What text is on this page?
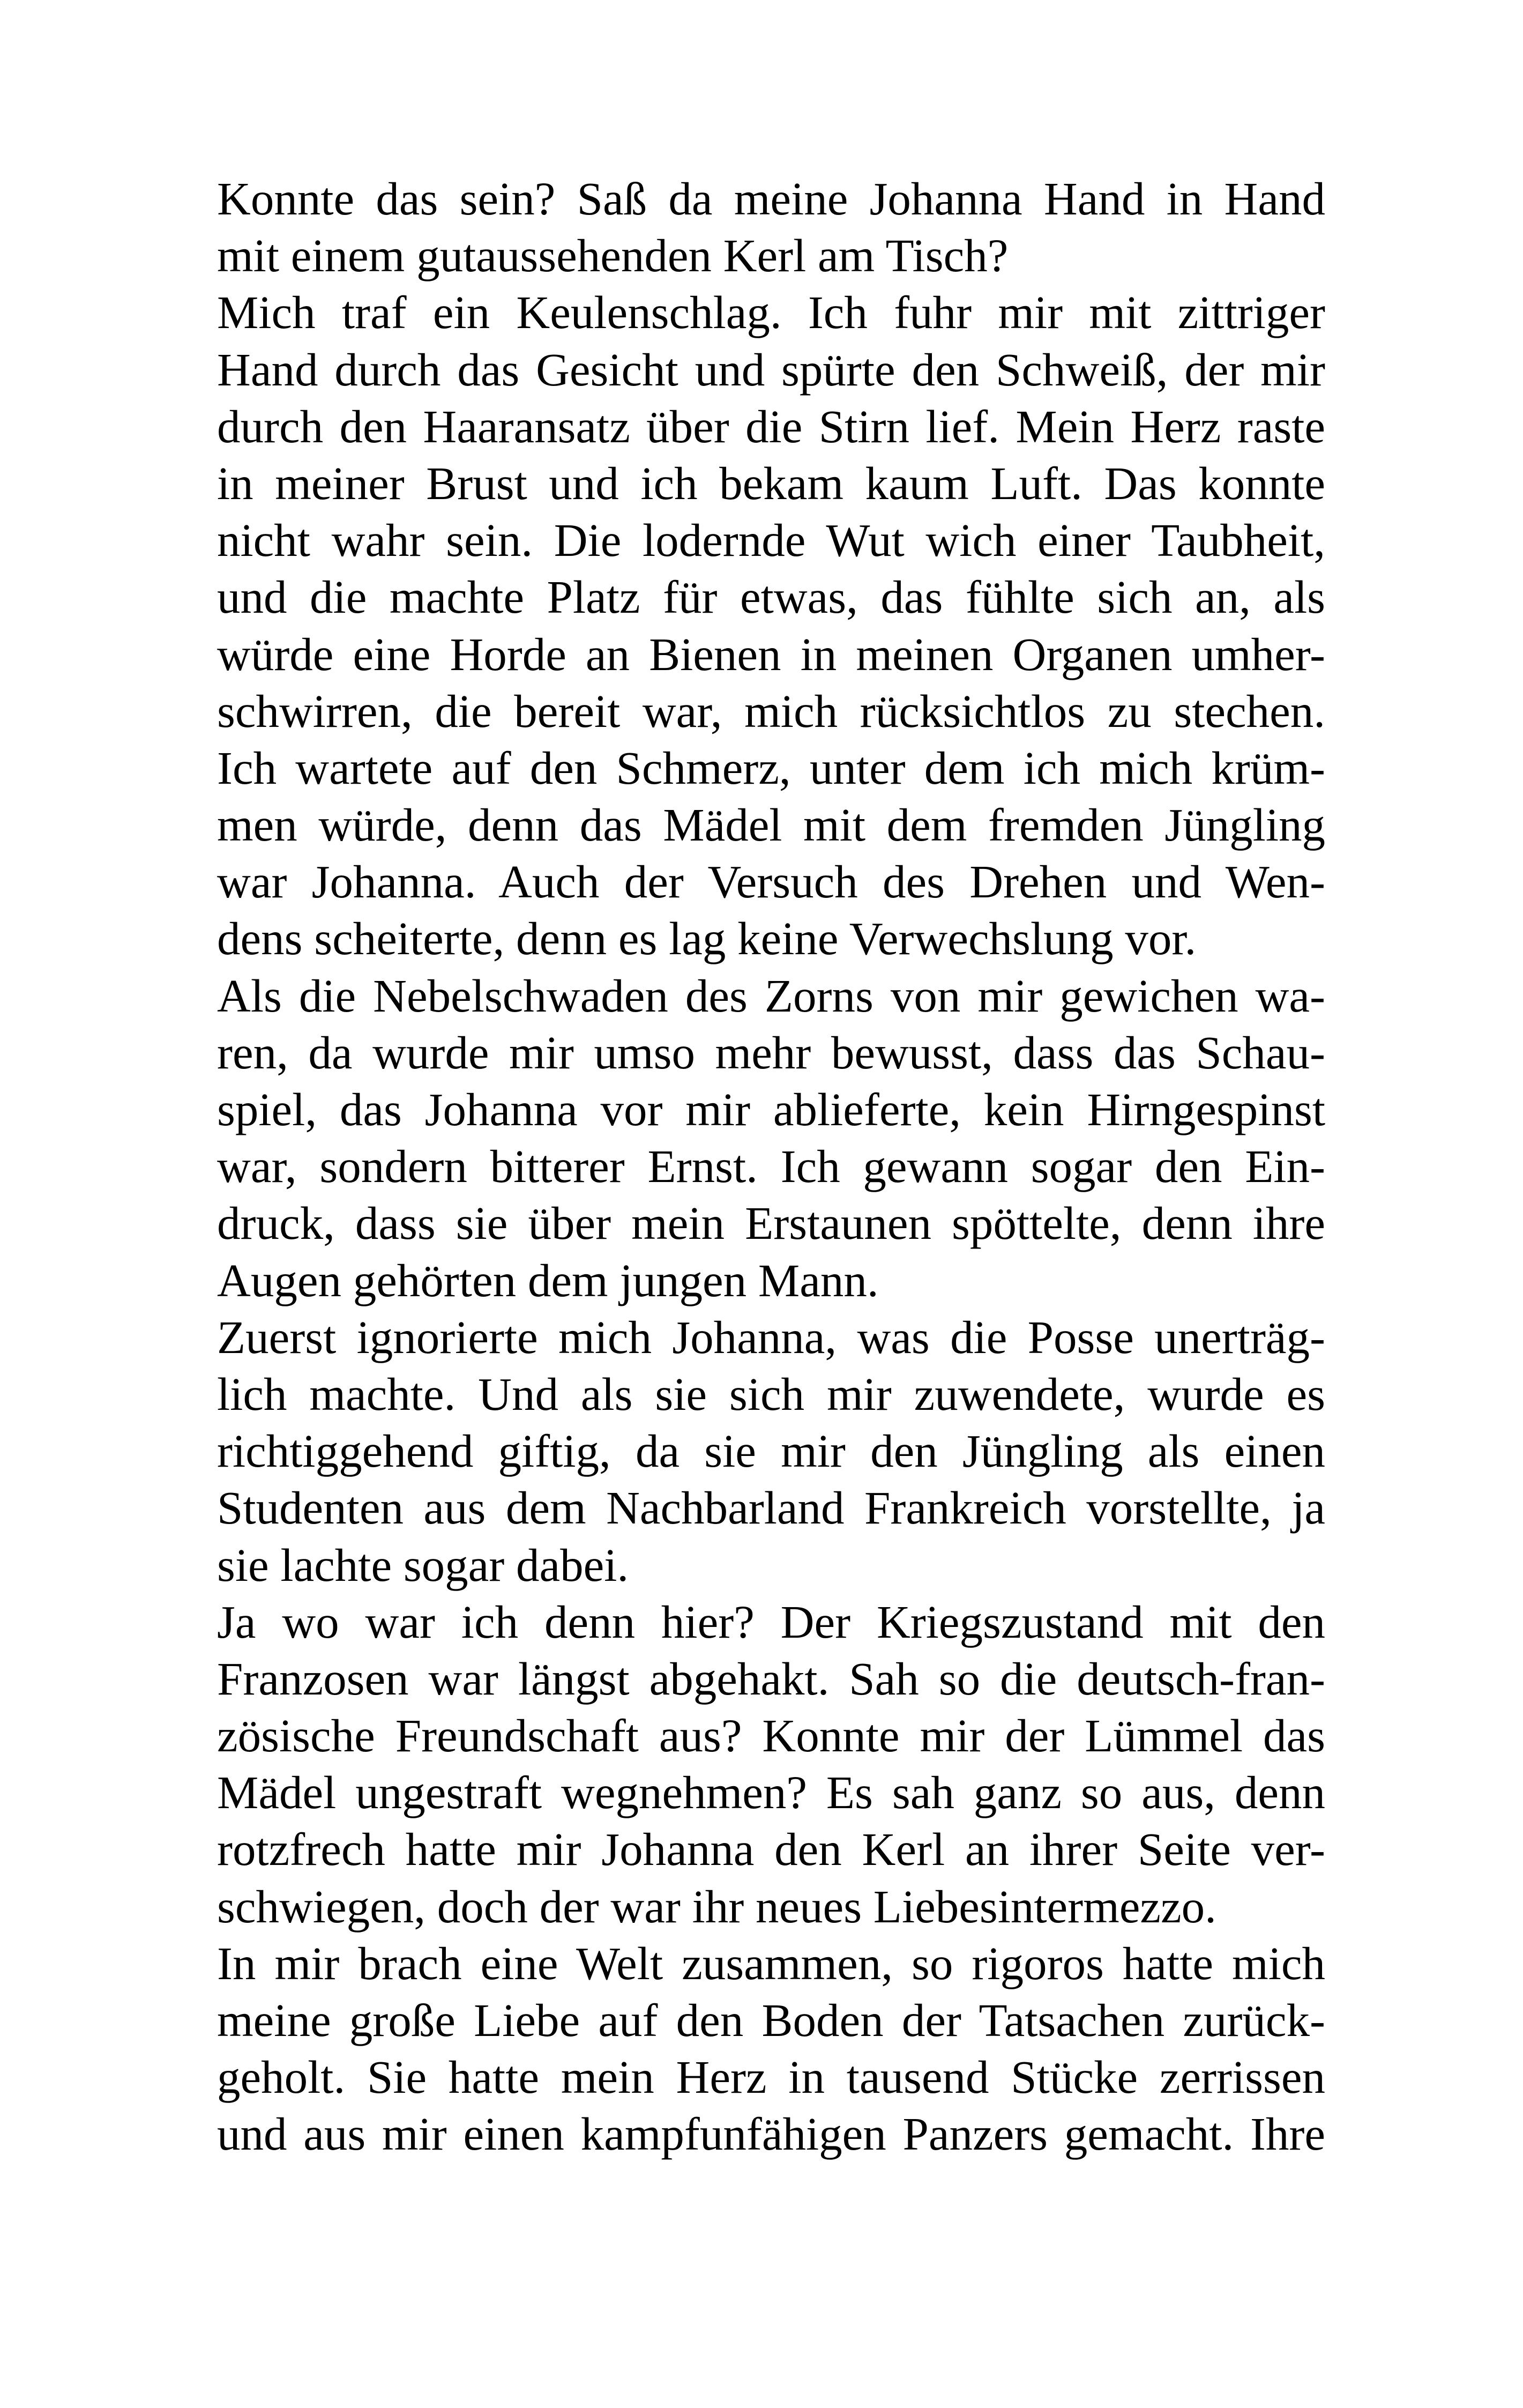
Konnte das sein? Saß da meine Johanna Hand in Hand
mit einem gutaussehenden Kerl am Tisch?
Mich traf ein Keulenschlag. Ich fuhr mir mit zittriger
Hand durch das Gesicht und spürte den Schweiß, der mir
durch den Haaransatz über die Stirn lief. Mein Herz raste
in meiner Brust und ich bekam kaum Luft. Das konnte
nicht wahr sein. Die lodernde Wut wich einer Taubheit,
und die machte Platz für etwas, das fühlte sich an, als
würde eine Horde an Bienen in meinen Organen umher-
schwirren, die bereit war, mich rücksichtlos zu stechen.
Ich wartete auf den Schmerz, unter dem ich mich krüm-
men würde, denn das Mädel mit dem fremden Jüngling
war Johanna. Auch der Versuch des Drehen und Wen-
dens scheiterte, denn es lag keine Verwechslung vor.
Als die Nebelschwaden des Zorns von mir gewichen wa-
ren, da wurde mir umso mehr bewusst, dass das Schau-
spiel, das Johanna vor mir ablieferte, kein Hirngespinst
war, sondern bitterer Ernst. Ich gewann sogar den Ein-
druck, dass sie über mein Erstaunen spöttelte, denn ihre
Augen gehörten dem jungen Mann.
Zuerst ignorierte mich Johanna, was die Posse unerträg-
lich machte. Und als sie sich mir zuwendete, wurde es
richtiggehend giftig, da sie mir den Jüngling als einen
Studenten aus dem Nachbarland Frankreich vorstellte, ja
sie lachte sogar dabei.
Ja wo war ich denn hier? Der Kriegszustand mit den
Franzosen war längst abgehakt. Sah so die deutsch-fran-
zösische Freundschaft aus? Konnte mir der Lümmel das
Mädel ungestraft wegnehmen? Es sah ganz so aus, denn
rotzfrech hatte mir Johanna den Kerl an ihrer Seite ver-
schwiegen, doch der war ihr neues Liebesintermezzo.
In mir brach eine Welt zusammen, so rigoros hatte mich
meine große Liebe auf den Boden der Tatsachen zurück-
geholt. Sie hatte mein Herz in tausend Stücke zerrissen
und aus mir einen kampfunfähigen Panzers gemacht. Ihre
